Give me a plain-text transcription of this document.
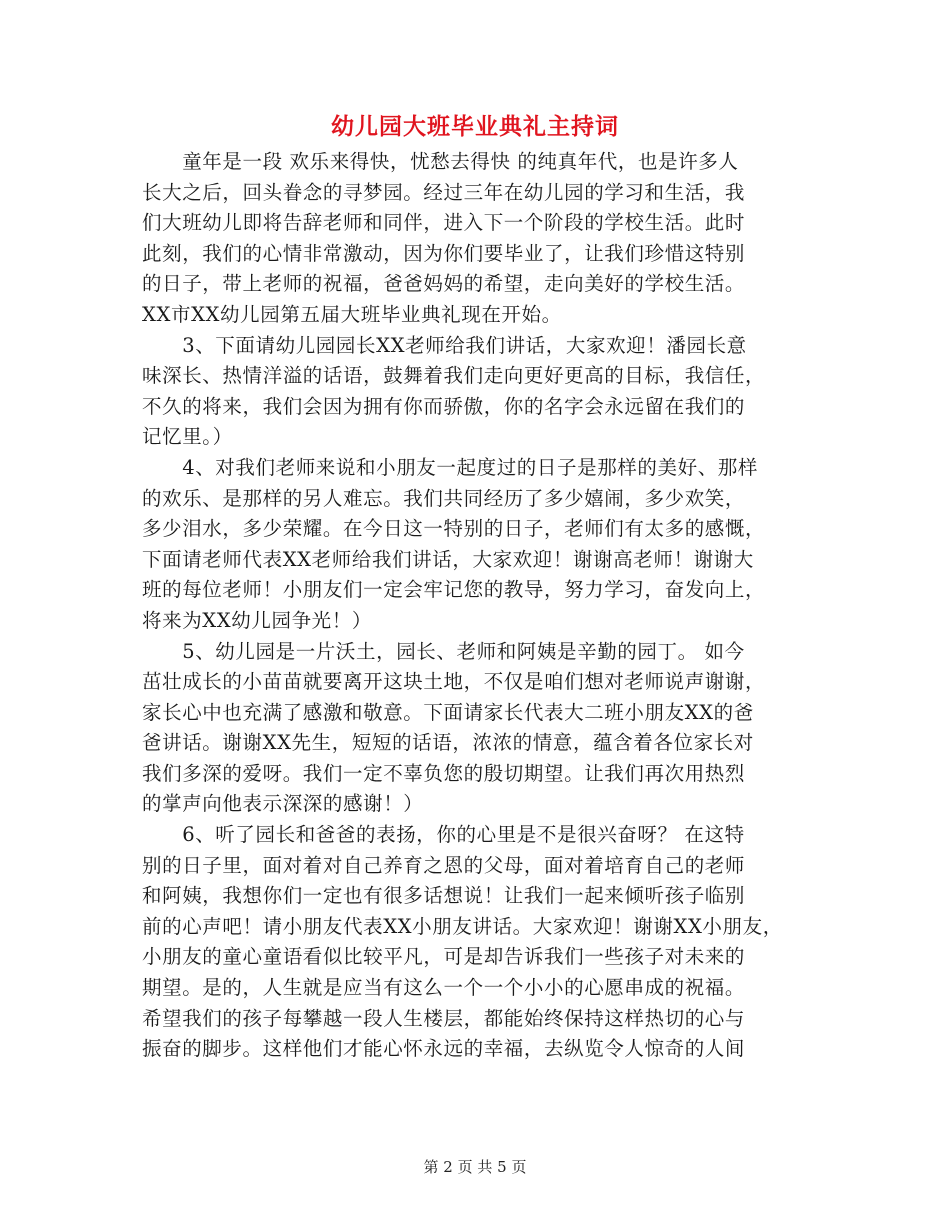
幼儿园大班毕业典礼主持词
　　童年是一段 欢乐来得快，忧愁去得快 的纯真年代，也是许多人
长大之后，回头眷念的寻梦园。经过三年在幼儿园的学习和生活，我
们大班幼儿即将告辞老师和同伴，进入下一个阶段的学校生活。此时
此刻，我们的心情非常激动，因为你们要毕业了，让我们珍惜这特别
的日子，带上老师的祝福，爸爸妈妈的希望，走向美好的学校生活。
XX市XX幼儿园第五届大班毕业典礼现在开始。
　　3、下面请幼儿园园长XX老师给我们讲话，大家欢迎！潘园长意
味深长、热情洋溢的话语，鼓舞着我们走向更好更高的目标，我信任，
不久的将来，我们会因为拥有你而骄傲，你的名字会永远留在我们的
记忆里。）
　　4、对我们老师来说和小朋友一起度过的日子是那样的美好、那样
的欢乐、是那样的另人难忘。我们共同经历了多少嬉闹，多少欢笑，
多少泪水，多少荣耀。在今日这一特别的日子，老师们有太多的感慨，
下面请老师代表XX老师给我们讲话，大家欢迎！谢谢高老师！谢谢大
班的每位老师！小朋友们一定会牢记您的教导，努力学习，奋发向上，
将来为XX幼儿园争光！）
　　5、幼儿园是一片沃土，园长、老师和阿姨是辛勤的园丁。 如今
茁壮成长的小苗苗就要离开这块土地，不仅是咱们想对老师说声谢谢，
家长心中也充满了感激和敬意。下面请家长代表大二班小朋友XX的爸
爸讲话。谢谢XX先生，短短的话语，浓浓的情意，蕴含着各位家长对
我们多深的爱呀。我们一定不辜负您的殷切期望。让我们再次用热烈
的掌声向他表示深深的感谢！）
　　6、听了园长和爸爸的表扬，你的心里是不是很兴奋呀？ 在这特
别的日子里，面对着对自己养育之恩的父母，面对着培育自己的老师
和阿姨，我想你们一定也有很多话想说！让我们一起来倾听孩子临别
前的心声吧！请小朋友代表XX小朋友讲话。大家欢迎！谢谢XX小朋友，
小朋友的童心童语看似比较平凡，可是却告诉我们一些孩子对未来的
期望。是的，人生就是应当有这么一个一个小小的心愿串成的祝福。
希望我们的孩子每攀越一段人生楼层，都能始终保持这样热切的心与
振奋的脚步。这样他们才能心怀永远的幸福，去纵览令人惊奇的人间
第 2 页 共 5 页
